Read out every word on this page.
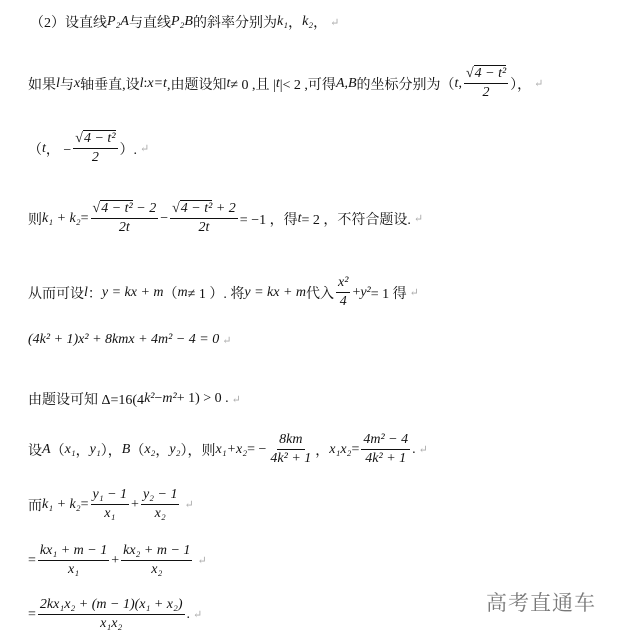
（2）设直线 P₂A 与直线 P₂B 的斜率分别为 k₁ ， k₂ ， ↵
如果 l 与 x 轴垂直,设 l : x=t ,由题设知 t ≠ 0 ,且 | t |< 2 ,可得 A,B 的坐标分别为（ t , $\frac{\text{√4 − t²}}{2}$ ）， ↵
（ t ， − $\frac{\text{√4 − t²}}{2}$ ）. ↵
则 $k_1 + k_2 = \frac{\text{√4 − t² − 2}}{2t} - \frac{\text{√4 − t² + 2}}{2t} = -1$ ，得 t = 2 ，不符合题设. ↵
从而可设 l ： y = kx + m （ m ≠ 1 ）. 将 y = kx + m 代入 $\frac{\text{x²}}{4} + y^2 = 1$ 得 ↵
(4k² + 1)x² + 8kmx + 4m² − 4 = 0 ↵
由题设可知 Δ=16(4 k² − m² + 1) > 0 . ↵
设 A （ x₁ ， y₁ ）， B （ x₂ ， y₂ ），则 x₁+x₂ = − $\frac{8km}{\text{4k² + 1}}$ ， $x_1x_2 = \frac{\text{4m² − 4}}{\text{4k² + 1}}$ . ↵
而 $k_1 + k_2 = \frac{\text{y₁ − 1}}{\text{x₁}} + \frac{\text{y₂ − 1}}{\text{x₂}}$ ↵
= $\frac{\text{kx₁ + m − 1}}{\text{x₁}} + \frac{\text{kx₂ + m − 1}}{\text{x₂}}$ ↵
= $\frac{\text{2kx₁x₂ + (m − 1)(x₁ + x₂)}}{\text{x₁x₂}}$ . ↵	高考直通车
